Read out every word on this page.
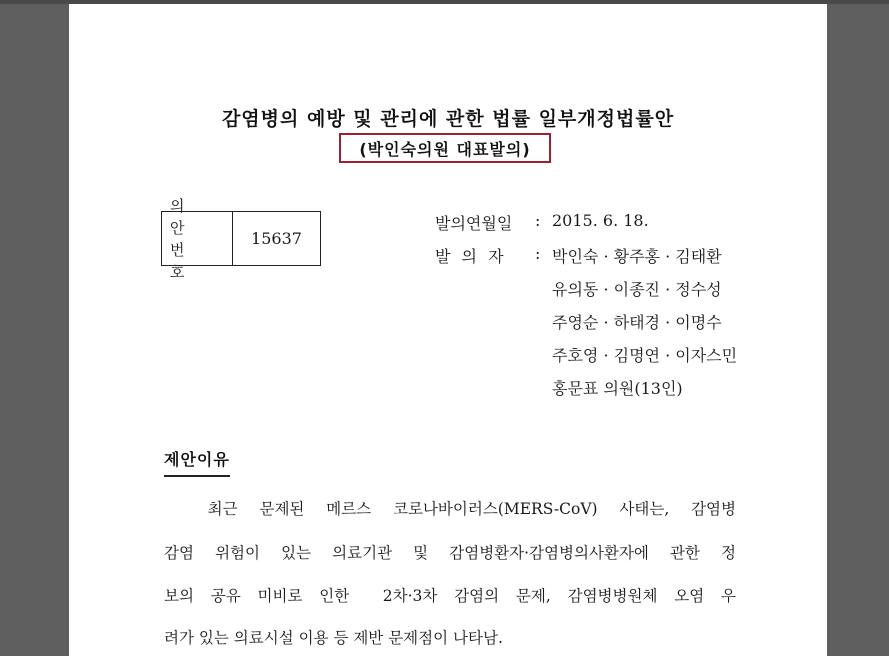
감염병의 예방 및 관리에 관한 법률 일부개정법률안
(박인숙의원 대표발의)
의 안
번 호
15637
발의연월일 : 2015. 6. 18.
발 의 자 : 박인숙 · 황주홍 · 김태환
유의동 · 이종진 · 정수성
주영순 · 하태경 · 이명수
주호영 · 김명연 · 이자스민
홍문표 의원(13인)
제안이유
최근 문제된 메르스 코로나바이러스(MERS-CoV) 사태는, 감염병
감염 위험이 있는 의료기관 및 감염병환자·감염병의사환자에 관한 정
보의 공유 미비로 인한  2차·3차 감염의 문제, 감염병병원체 오염 우
려가 있는 의료시설 이용 등 제반 문제점이 나타남.
